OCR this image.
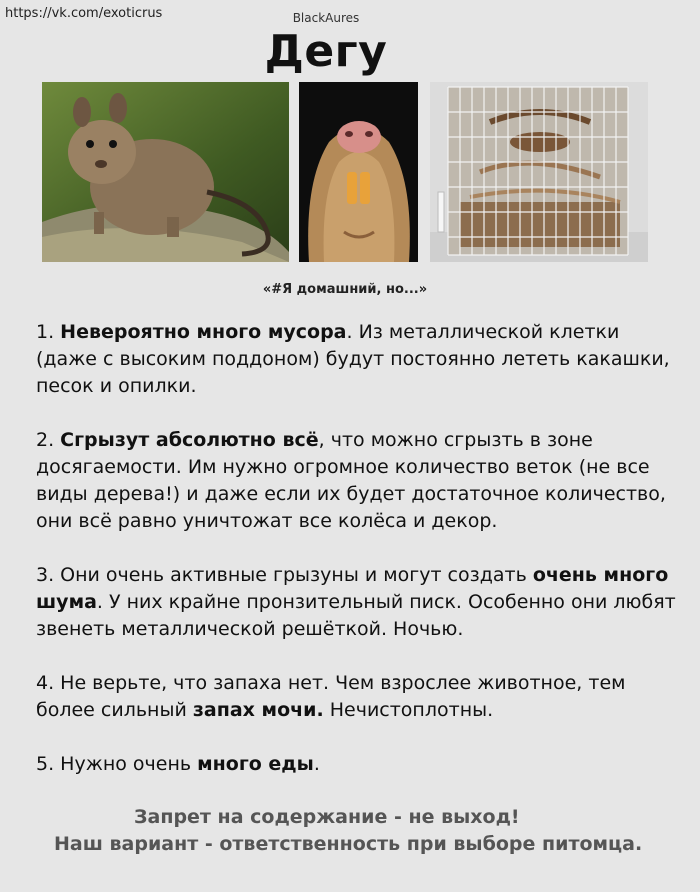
https://vk.com/exoticrus	BlackAures
Дегу
«#Я домашний, но...»
1. Невероятно много мусора. Из металлической клетки (даже с высоким поддоном) будут постоянно лететь какашки, песок и опилки.
2. Сгрызут абсолютно всё, что можно сгрызть в зоне досягаемости. Им нужно огромное количество веток (не все виды дерева!) и даже если их будет достаточное количество, они всё равно уничтожат все колёса и декор.
3. Они очень активные грызуны и могут создать очень много шума. У них крайне пронзительный писк. Особенно они любят звенеть металлической решёткой. Ночью.
4. Не верьте, что запаха нет. Чем взрослее животное, тем более сильный запах мочи. Нечистоплотны.
5. Нужно очень много еды.
Запрет на содержание - не выход!
Наш вариант - ответственность при выборе питомца.
